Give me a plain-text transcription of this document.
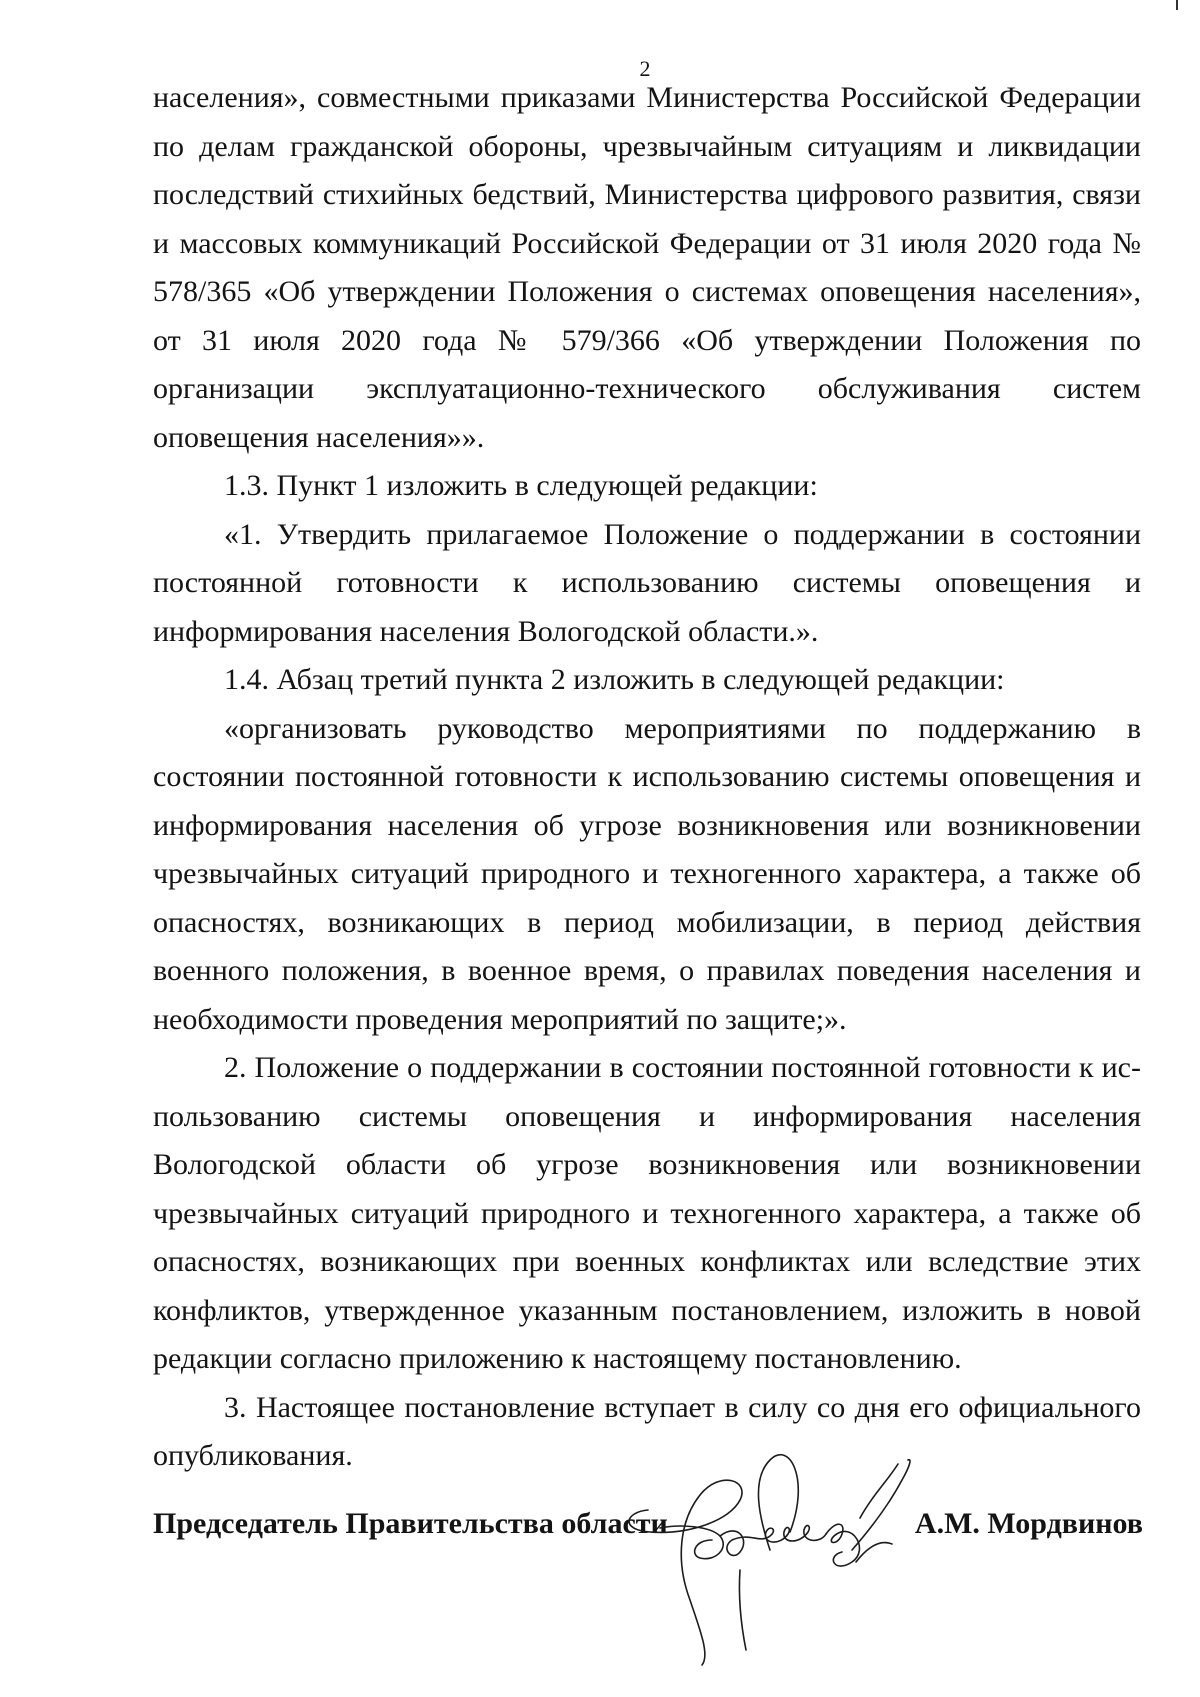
2

населения», совместными приказами Министерства Российской Федерации по делам гражданской обороны, чрезвычайным ситуациям и ликвидации последствий стихийных бедствий, Министерства цифрового развития, связи и массовых коммуникаций Российской Федерации от 31 июля 2020 года № 578/365 «Об утверждении Положения о системах оповещения населения», от 31 июля 2020 года № 579/366 «Об утверждении Положения по организации эксплуатационно-технического обслуживания систем оповещения населения»».

1.3. Пункт 1 изложить в следующей редакции:

«1. Утвердить прилагаемое Положение о поддержании в состоянии постоянной готовности к использованию системы оповещения и информирования населения Вологодской области.».

1.4. Абзац третий пункта 2 изложить в следующей редакции:

«организовать руководство мероприятиями по поддержанию в состоянии постоянной готовности к использованию системы оповещения и информирования населения об угрозе возникновения или возникновении чрезвычайных ситуаций природного и техногенного характера, а также об опасностях, возникающих в период мобилизации, в период действия военного положения, в военное время, о правилах поведения населения и необходимости проведения мероприятий по защите;».

2. Положение о поддержании в состоянии постоянной готовности к использованию системы оповещения и информирования населения Вологодской области об угрозе возникновения или возникновении чрезвычайных ситуаций природного и техногенного характера, а также об опасностях, возникающих при военных конфликтах или вследствие этих конфликтов, утвержденное указанным постановлением, изложить в новой редакции согласно приложению к настоящему постановлению.

3. Настоящее постановление вступает в силу со дня его официального опубликования.

Председатель Правительства области	А.М. Мордвинов
